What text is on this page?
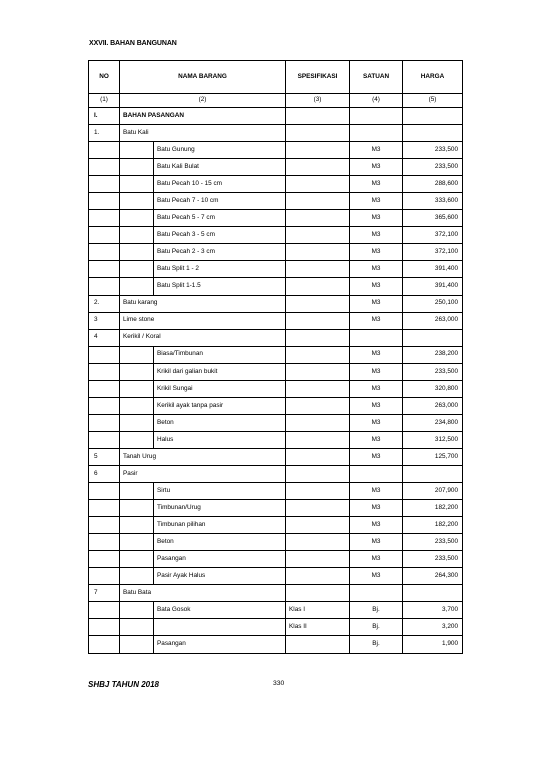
XXVII. BAHAN BANGUNAN
NO	NAMA BARANG		SPESIFIKASI	SATUAN	HARGA
(1)	(2)		(3)	(4)	(5)
I.	BAHAN PASANGAN				
1.	Batu Kali				
		Batu Gunung		M3	233,500
		Batu Kali Bulat		M3	233,500
		Batu Pecah 10 - 15 cm		M3	288,600
		Batu Pecah 7 - 10 cm		M3	333,600
		Batu Pecah 5 - 7 cm		M3	365,600
		Batu Pecah 3 - 5 cm		M3	372,100
		Batu Pecah 2 - 3 cm		M3	372,100
		Batu Split 1 - 2		M3	391,400
		Batu Split 1-1.5		M3	391,400
2.	Batu karang			M3	250,100
3	Lime stone			M3	263,000
4	Kerikil / Koral				
		Biasa/Timbunan		M3	238,200
		Krikil dari galian bukit		M3	233,500
		Krikil Sungai		M3	320,800
		Kerikil ayak tanpa pasir		M3	263,000
		Beton		M3	234,800
		Halus		M3	312,500
5	Tanah Urug			M3	125,700
6	Pasir				
		Sirtu		M3	207,900
		Timbunan/Urug		M3	182,200
		Timbunan pilihan		M3	182,200
		Beton		M3	233,500
		Pasangan		M3	233,500
		Pasir Ayak Halus		M3	264,300
7	Batu Bata				
		Bata Gosok	Klas I	Bj.	3,700
			Klas II	Bj.	3,200
		Pasangan		Bj.	1,900
SHBJ TAHUN 2018	330
